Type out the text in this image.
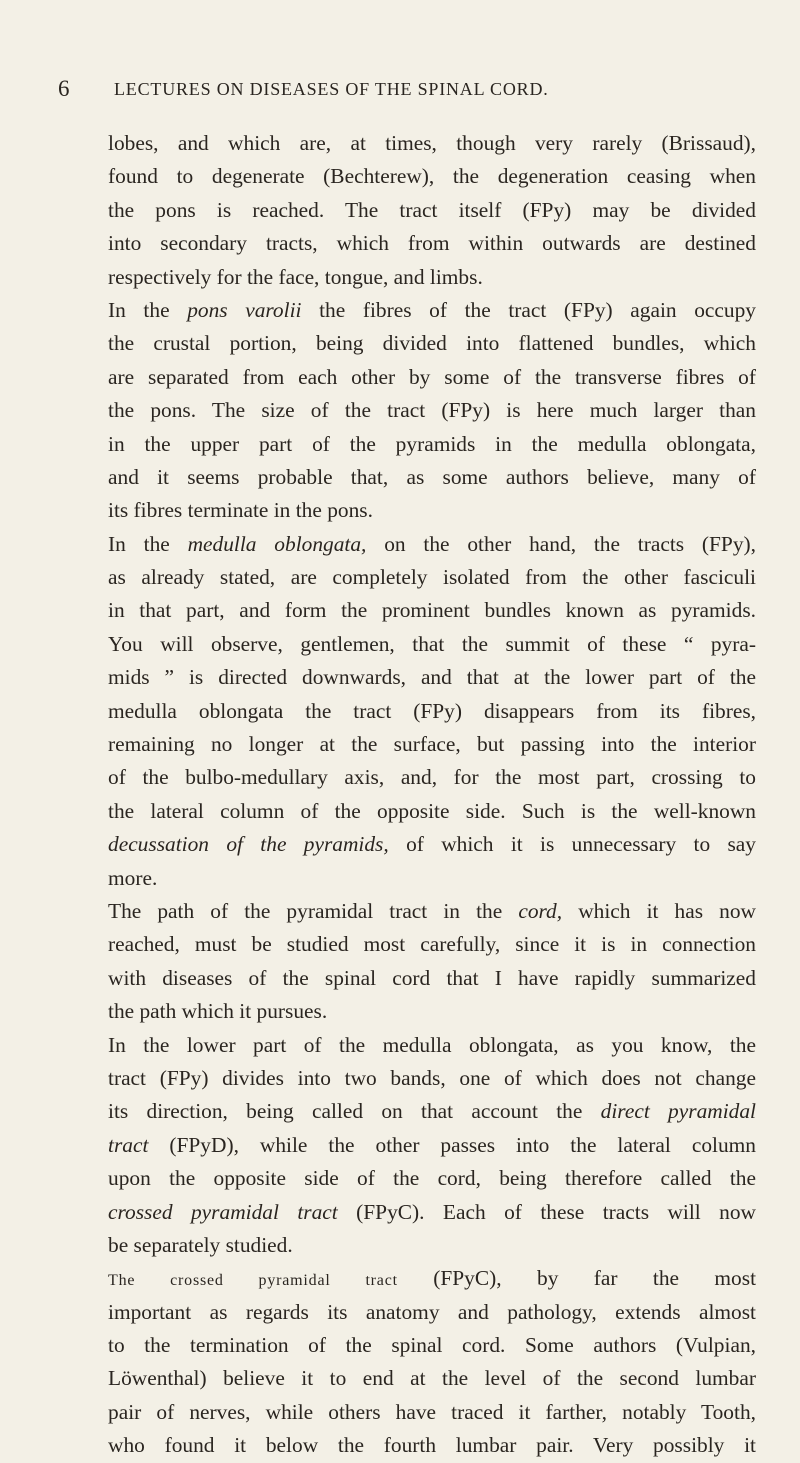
6 LECTURES ON DISEASES OF THE SPINAL CORD.
lobes, and which are, at times, though very rarely (Brissaud),
found to degenerate (Bechterew), the degeneration ceasing when
the pons is reached. The tract itself (FPy) may be divided
into secondary tracts, which from within outwards are destined
respectively for the face, tongue, and limbs.
In the pons varolii the fibres of the tract (FPy) again occupy
the crustal portion, being divided into flattened bundles, which
are separated from each other by some of the transverse fibres of
the pons. The size of the tract (FPy) is here much larger than
in the upper part of the pyramids in the medulla oblongata,
and it seems probable that, as some authors believe, many of
its fibres terminate in the pons.
In the medulla oblongata, on the other hand, the tracts (FPy),
as already stated, are completely isolated from the other fasciculi
in that part, and form the prominent bundles known as pyramids.
You will observe, gentlemen, that the summit of these “ pyra-
mids ” is directed downwards, and that at the lower part of the
medulla oblongata the tract (FPy) disappears from its fibres,
remaining no longer at the surface, but passing into the interior
of the bulbo-medullary axis, and, for the most part, crossing to
the lateral column of the opposite side. Such is the well-known
decussation of the pyramids, of which it is unnecessary to say
more.
The path of the pyramidal tract in the cord, which it has now
reached, must be studied most carefully, since it is in connection
with diseases of the spinal cord that I have rapidly summarized
the path which it pursues.
In the lower part of the medulla oblongata, as you know, the
tract (FPy) divides into two bands, one of which does not change
its direction, being called on that account the direct pyramidal
tract (FPyD), while the other passes into the lateral column
upon the opposite side of the cord, being therefore called the
crossed pyramidal tract (FPyC). Each of these tracts will now
be separately studied.
The crossed pyramidal tract (FPyC), by far the most
important as regards its anatomy and pathology, extends almost
to the termination of the spinal cord. Some authors (Vulpian,
Löwenthal) believe it to end at the level of the second lumbar
pair of nerves, while others have traced it farther, notably Tooth,
who found it below the fourth lumbar pair. Very possibly it
